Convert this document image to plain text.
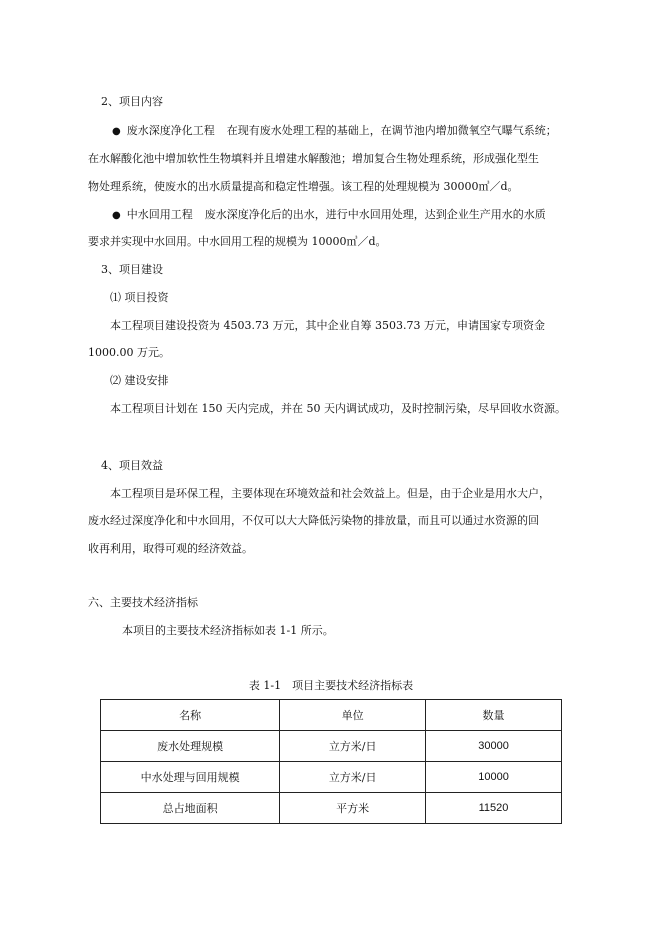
2、项目内容
● 废水深度净化工程 在现有废水处理工程的基础上，在调节池内增加微氧空气曝气系统；
在水解酸化池中增加软性生物填料并且增建水解酸池；增加复合生物处理系统，形成强化型生
物处理系统，使废水的出水质量提高和稳定性增强。该工程的处理规模为 30000㎥／d。
● 中水回用工程 废水深度净化后的出水，进行中水回用处理，达到企业生产用水的水质
要求并实现中水回用。中水回用工程的规模为 10000㎥／d。
3、项目建设
⑴ 项目投资
本工程项目建设投资为 4503.73 万元，其中企业自筹 3503.73 万元，申请国家专项资金
1000.00 万元。
⑵ 建设安排
本工程项目计划在 150 天内完成，并在 50 天内调试成功，及时控制污染，尽早回收水资源。
4、项目效益
本工程项目是环保工程，主要体现在环境效益和社会效益上。但是，由于企业是用水大户，
废水经过深度净化和中水回用，不仅可以大大降低污染物的排放量，而且可以通过水资源的回
收再利用，取得可观的经济效益。
六、主要技术经济指标
本项目的主要技术经济指标如表 1-1 所示。
表 1-1　项目主要技术经济指标表
名称	单位	数量
废水处理规模	立方米/日	30000
中水处理与回用规模	立方米/日	10000
总占地面积	平方米	11520
